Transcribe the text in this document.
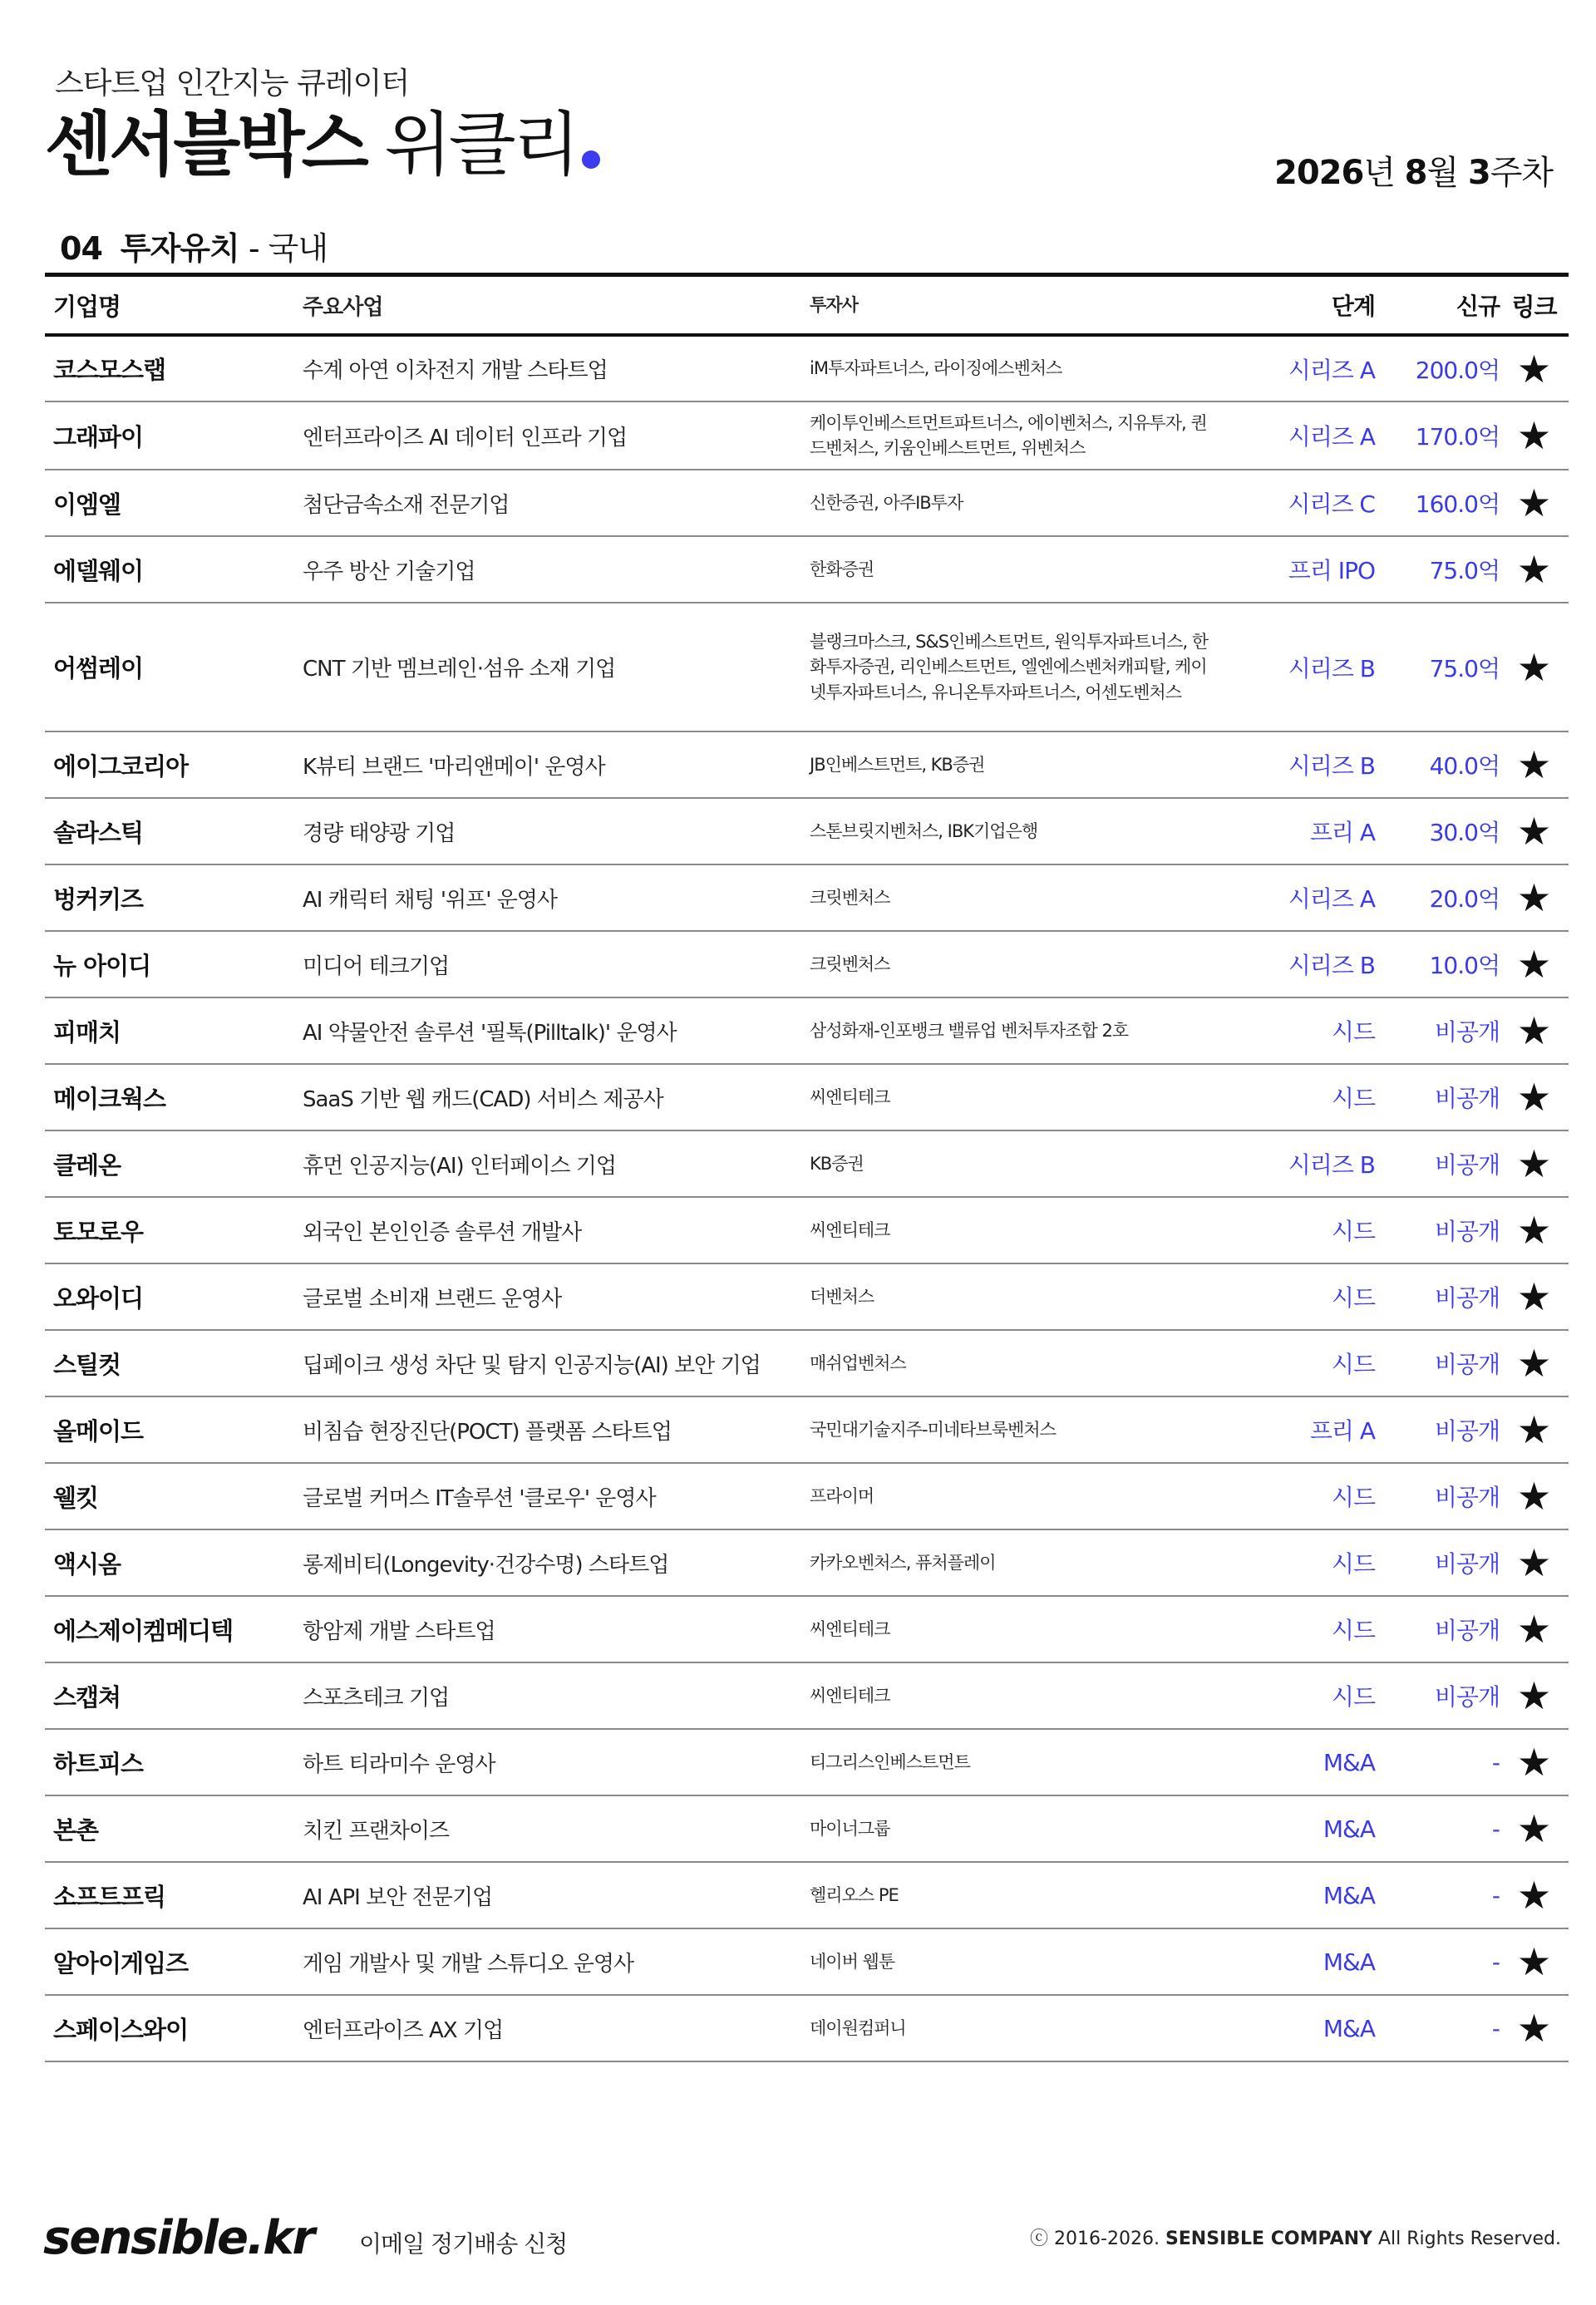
스타트업 인간지능 큐레이터
센서블박스 위클리	2026년 8월 3주차
04 투자유치 - 국내
기업명	주요사업	투자사	단계	신규	링크
코스모스랩	수계 아연 이차전지 개발 스타트업	iM투자파트너스, 라이징에스벤처스	시리즈 A	200.0억	★
그래파이	엔터프라이즈 AI 데이터 인프라 기업	케이투인베스트먼트파트너스, 에이벤처스, 지유투자, 퀀드벤처스, 키움인베스트먼트, 위벤처스	시리즈 A	170.0억	★
이엠엘	첨단금속소재 전문기업	신한증권, 아주IB투자	시리즈 C	160.0억	★
에델웨이	우주 방산 기술기업	한화증권	프리 IPO	75.0억	★
어썸레이	CNT 기반 멤브레인·섬유 소재 기업	블랭크마스크, S&S인베스트먼트, 원익투자파트너스, 한화투자증권, 리인베스트먼트, 엘엔에스벤처캐피탈, 케이넷투자파트너스, 유니온투자파트너스, 어센도벤처스	시리즈 B	75.0억	★
에이그코리아	K뷰티 브랜드 '마리앤메이' 운영사	JB인베스트먼트, KB증권	시리즈 B	40.0억	★
솔라스틱	경량 태양광 기업	스톤브릿지벤처스, IBK기업은행	프리 A	30.0억	★
벙커키즈	AI 캐릭터 채팅 '위프' 운영사	크릿벤처스	시리즈 A	20.0억	★
뉴 아이디	미디어 테크기업	크릿벤처스	시리즈 B	10.0억	★
피매치	AI 약물안전 솔루션 '필톡(Pilltalk)' 운영사	삼성화재-인포뱅크 밸류업 벤처투자조합 2호	시드	비공개	★
메이크웍스	SaaS 기반 웹 캐드(CAD) 서비스 제공사	씨엔티테크	시드	비공개	★
클레온	휴먼 인공지능(AI) 인터페이스 기업	KB증권	시리즈 B	비공개	★
토모로우	외국인 본인인증 솔루션 개발사	씨엔티테크	시드	비공개	★
오와이디	글로벌 소비재 브랜드 운영사	더벤처스	시드	비공개	★
스틸컷	딥페이크 생성 차단 및 탐지 인공지능(AI) 보안 기업	매쉬업벤처스	시드	비공개	★
올메이드	비침습 현장진단(POCT) 플랫폼 스타트업	국민대기술지주-미네타브룩벤처스	프리 A	비공개	★
웰킷	글로벌 커머스 IT솔루션 '클로우' 운영사	프라이머	시드	비공개	★
액시옴	롱제비티(Longevity·건강수명) 스타트업	카카오벤처스, 퓨처플레이	시드	비공개	★
에스제이켐메디텍	항암제 개발 스타트업	씨엔티테크	시드	비공개	★
스캡쳐	스포츠테크 기업	씨엔티테크	시드	비공개	★
하트피스	하트 티라미수 운영사	티그리스인베스트먼트	M&A	-	★
본촌	치킨 프랜차이즈	마이너그룹	M&A	-	★
소프트프릭	AI API 보안 전문기업	헬리오스 PE	M&A	-	★
알아이게임즈	게임 개발사 및 개발 스튜디오 운영사	네이버 웹툰	M&A	-	★
스페이스와이	엔터프라이즈 AX 기업	데이원컴퍼니	M&A	-	★
sensible.kr 이메일 정기배송 신청	ⓒ 2016-2026. SENSIBLE COMPANY All Rights Reserved.
